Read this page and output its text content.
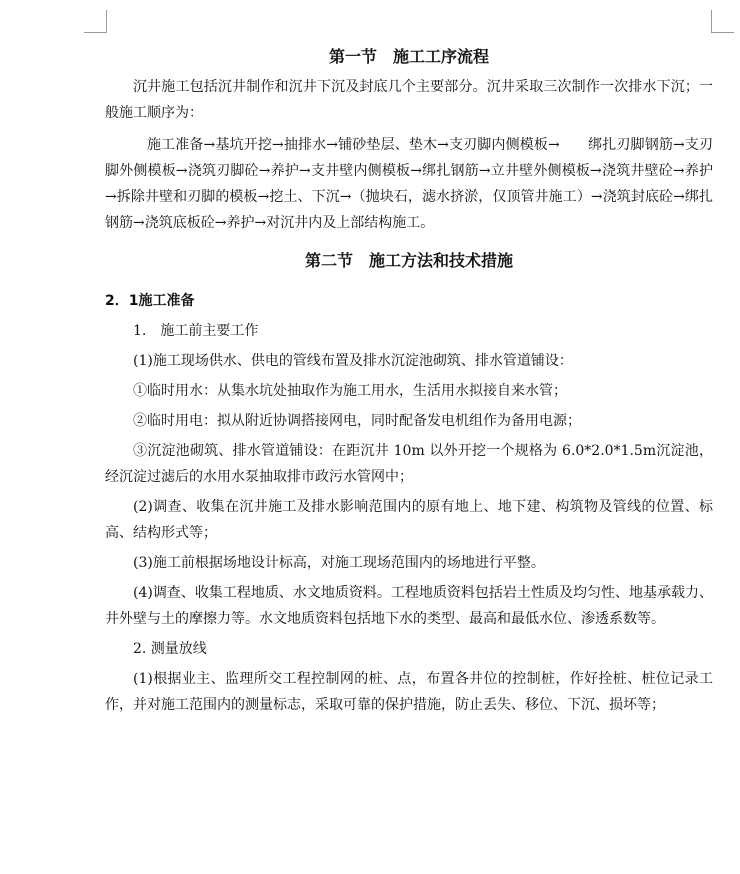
第一节　施工工序流程

沉井施工包括沉井制作和沉井下沉及封底几个主要部分。沉井采取三次制作一次排水下沉；一般施工顺序为：

施工准备→基坑开挖→抽排水→铺砂垫层、垫木→支刃脚内侧模板→　　绑扎刃脚钢筋→支刃脚外侧模板→浇筑刃脚砼→养护→支井壁内侧模板→绑扎钢筋→立井壁外侧模板→浇筑井壁砼→养护→拆除井壁和刃脚的模板→挖土、下沉→（抛块石，滤水挤淤，仅顶管井施工）→浇筑封底砼→绑扎钢筋→浇筑底板砼→养护→对沉井内及上部结构施工。

第二节　施工方法和技术措施
2．1施工准备

1.　施工前主要工作

(1)施工现场供水、供电的管线布置及排水沉淀池砌筑、排水管道铺设：

①临时用水：从集水坑处抽取作为施工用水，生活用水拟接自来水管；

②临时用电：拟从附近协调搭接网电，同时配备发电机组作为备用电源；

③沉淀池砌筑、排水管道铺设：在距沉井 10m 以外开挖一个规格为 6.0*2.0*1.5m沉淀池，经沉淀过滤后的水用水泵抽取排市政污水管网中；

(2)调查、收集在沉井施工及排水影响范围内的原有地上、地下建、构筑物及管线的位置、标高、结构形式等；

(3)施工前根据场地设计标高，对施工现场范围内的场地进行平整。

(4)调查、收集工程地质、水文地质资料。工程地质资料包括岩土性质及均匀性、地基承载力、井外壁与土的摩擦力等。水文地质资料包括地下水的类型、最高和最低水位、渗透系数等。

2. 测量放线

(1)根据业主、监理所交工程控制网的桩、点，布置各井位的控制桩，作好拴桩、桩位记录工作，并对施工范围内的测量标志，采取可靠的保护措施，防止丢失、移位、下沉、损坏等；
